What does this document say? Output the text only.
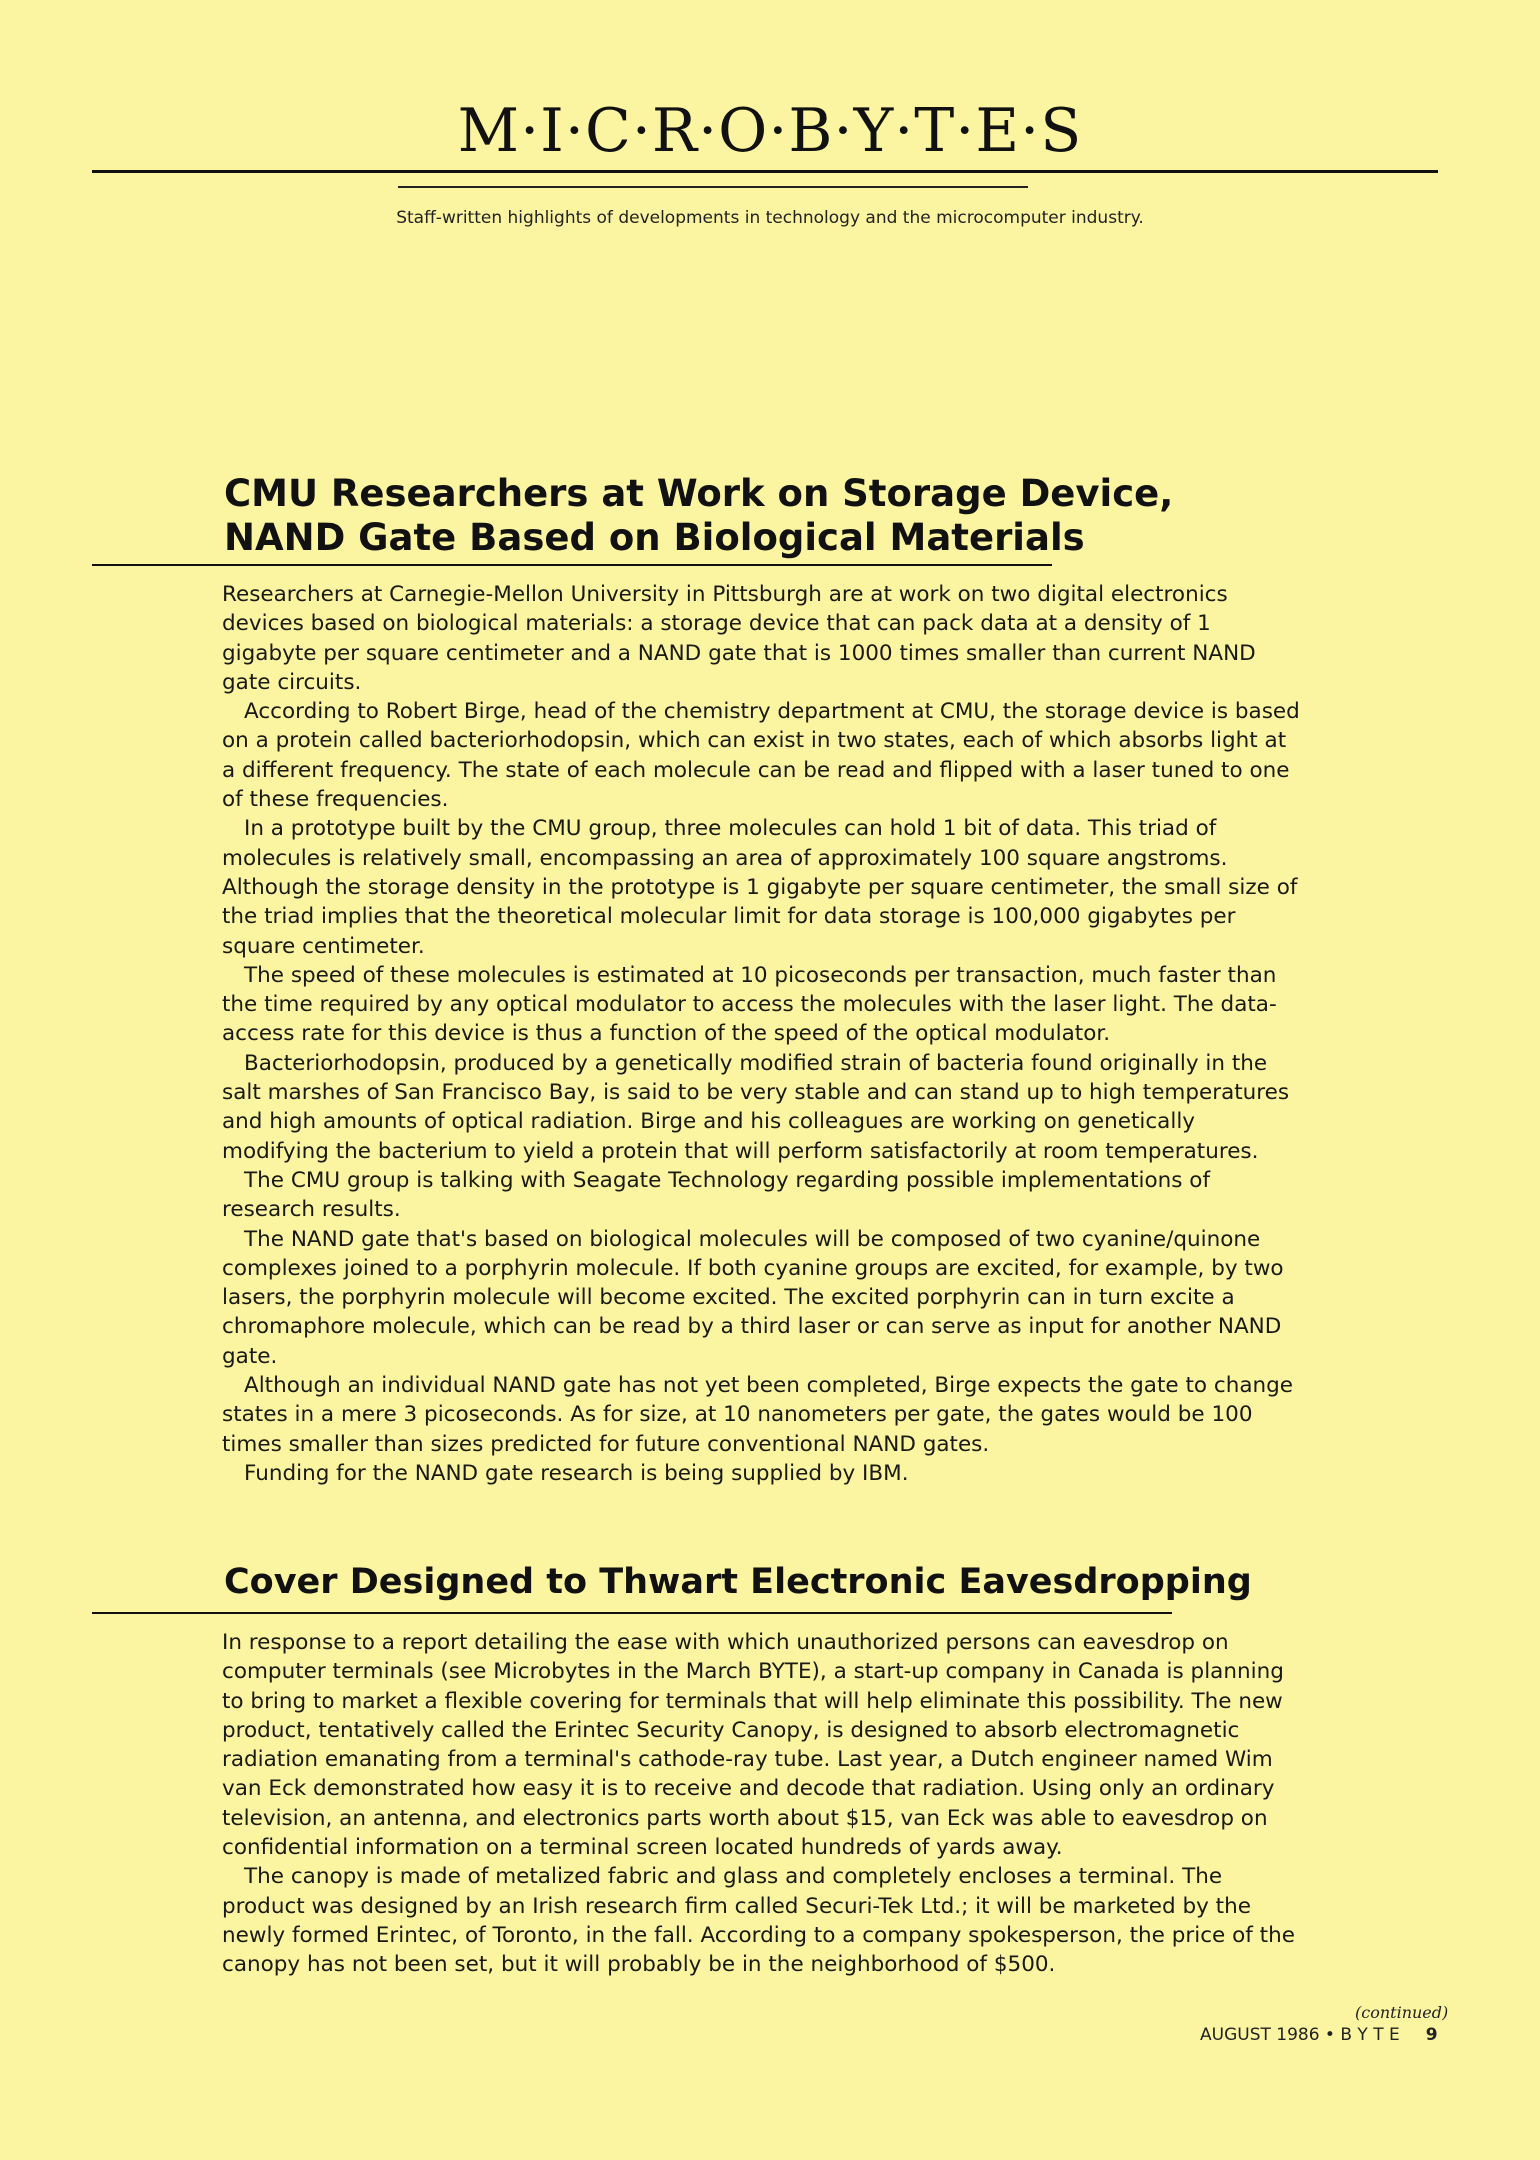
M·I·C·R·O·B·Y·T·E·S
Staff-written highlights of developments in technology and the microcomputer industry.
CMU Researchers at Work on Storage Device,
NAND Gate Based on Biological Materials

Researchers at Carnegie-Mellon University in Pittsburgh are at work on two digital electronics devices based on biological materials: a storage device that can pack data at a density of 1 gigabyte per square centimeter and a NAND gate that is 1000 times smaller than current NAND gate circuits.

According to Robert Birge, head of the chemistry department at CMU, the storage device is based on a protein called bacteriorhodopsin, which can exist in two states, each of which absorbs light at a different frequency. The state of each molecule can be read and flipped with a laser tuned to one of these frequencies.

In a prototype built by the CMU group, three molecules can hold 1 bit of data. This triad of molecules is relatively small, encompassing an area of approximately 100 square angstroms. Although the storage density in the prototype is 1 gigabyte per square centimeter, the small size of the triad implies that the theoretical molecular limit for data storage is 100,000 gigabytes per square centimeter.

The speed of these molecules is estimated at 10 picoseconds per transaction, much faster than the time required by any optical modulator to access the molecules with the laser light. The data-access rate for this device is thus a function of the speed of the optical modulator.

Bacteriorhodopsin, produced by a genetically modified strain of bacteria found originally in the salt marshes of San Francisco Bay, is said to be very stable and can stand up to high temperatures and high amounts of optical radiation. Birge and his colleagues are working on genetically modifying the bacterium to yield a protein that will perform satisfactorily at room temperatures.

The CMU group is talking with Seagate Technology regarding possible implementations of research results.

The NAND gate that's based on biological molecules will be composed of two cyanine/quinone complexes joined to a porphyrin molecule. If both cyanine groups are excited, for example, by two lasers, the porphyrin molecule will become excited. The excited porphyrin can in turn excite a chromaphore molecule, which can be read by a third laser or can serve as input for another NAND gate.

Although an individual NAND gate has not yet been completed, Birge expects the gate to change states in a mere 3 picoseconds. As for size, at 10 nanometers per gate, the gates would be 100 times smaller than sizes predicted for future conventional NAND gates.

Funding for the NAND gate research is being supplied by IBM.

Cover Designed to Thwart Electronic Eavesdropping

In response to a report detailing the ease with which unauthorized persons can eavesdrop on computer terminals (see Microbytes in the March BYTE), a start-up company in Canada is planning to bring to market a flexible covering for terminals that will help eliminate this possibility. The new product, tentatively called the Erintec Security Canopy, is designed to absorb electromagnetic radiation emanating from a terminal's cathode-ray tube. Last year, a Dutch engineer named Wim van Eck demonstrated how easy it is to receive and decode that radiation. Using only an ordinary television, an antenna, and electronics parts worth about $15, van Eck was able to eavesdrop on confidential information on a terminal screen located hundreds of yards away.

The canopy is made of metalized fabric and glass and completely encloses a terminal. The product was designed by an Irish research firm called Securi-Tek Ltd.; it will be marketed by the newly formed Erintec, of Toronto, in the fall. According to a company spokesperson, the price of the canopy has not been set, but it will probably be in the neighborhood of $500.

(continued)
AUGUST 1986 • B Y T E 9
